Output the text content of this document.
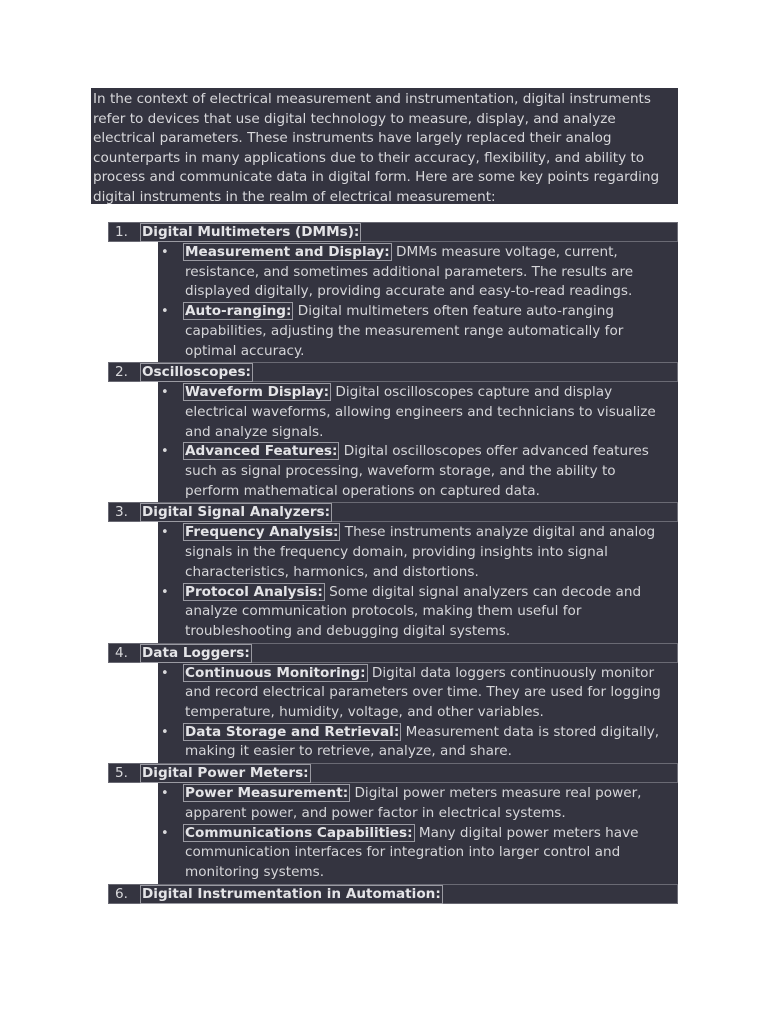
In the context of electrical measurement and instrumentation, digital instruments refer to devices that use digital technology to measure, display, and analyze electrical parameters. These instruments have largely replaced their analog counterparts in many applications due to their accuracy, flexibility, and ability to process and communicate data in digital form. Here are some key points regarding digital instruments in the realm of electrical measurement:
1. Digital Multimeters (DMMs):
• Measurement and Display: DMMs measure voltage, current, resistance, and sometimes additional parameters. The results are displayed digitally, providing accurate and easy-to-read readings.
• Auto-ranging: Digital multimeters often feature auto-ranging capabilities, adjusting the measurement range automatically for optimal accuracy.
2. Oscilloscopes:
• Waveform Display: Digital oscilloscopes capture and display electrical waveforms, allowing engineers and technicians to visualize and analyze signals.
• Advanced Features: Digital oscilloscopes offer advanced features such as signal processing, waveform storage, and the ability to perform mathematical operations on captured data.
3. Digital Signal Analyzers:
• Frequency Analysis: These instruments analyze digital and analog signals in the frequency domain, providing insights into signal characteristics, harmonics, and distortions.
• Protocol Analysis: Some digital signal analyzers can decode and analyze communication protocols, making them useful for troubleshooting and debugging digital systems.
4. Data Loggers:
• Continuous Monitoring: Digital data loggers continuously monitor and record electrical parameters over time. They are used for logging temperature, humidity, voltage, and other variables.
• Data Storage and Retrieval: Measurement data is stored digitally, making it easier to retrieve, analyze, and share.
5. Digital Power Meters:
• Power Measurement: Digital power meters measure real power, apparent power, and power factor in electrical systems.
• Communications Capabilities: Many digital power meters have communication interfaces for integration into larger control and monitoring systems.
6. Digital Instrumentation in Automation:
